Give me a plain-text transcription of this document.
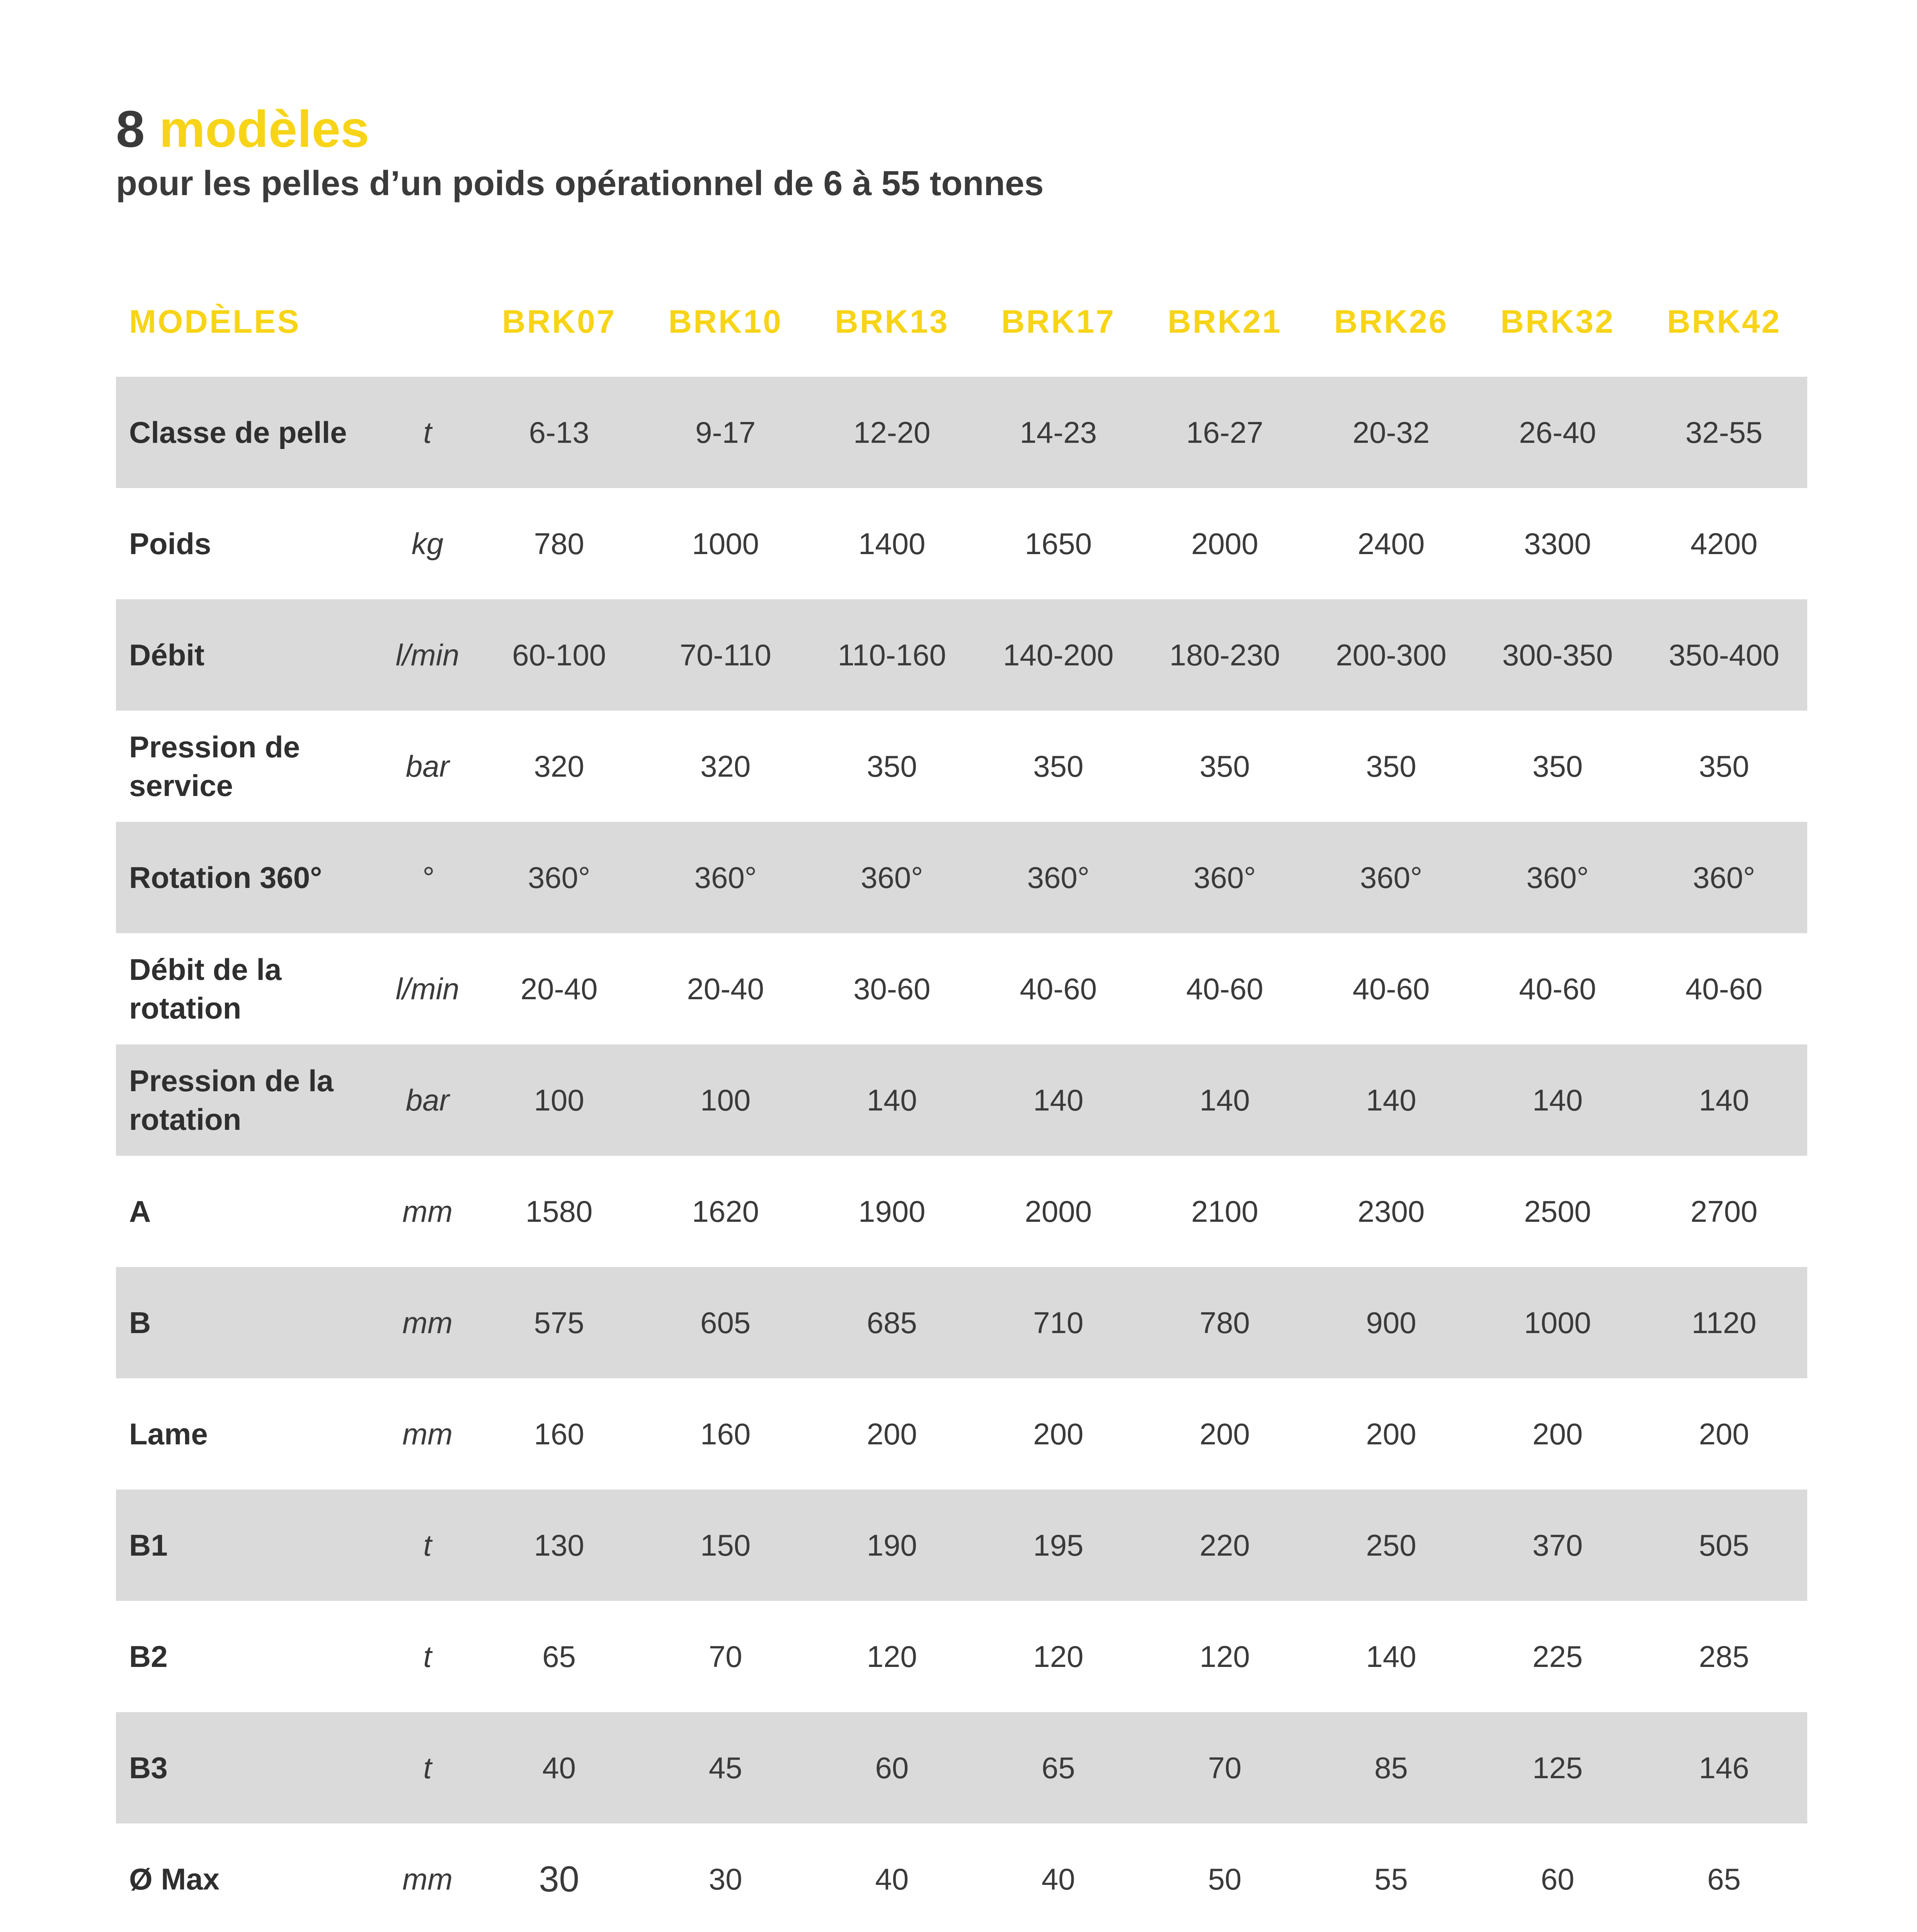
8 modèles

pour les pelles d’un poids opérationnel de 6 à 55 tonnes

MODÈLES		BRK07	BRK10	BRK13	BRK17	BRK21	BRK26	BRK32	BRK42
Classe de pelle	t	6-13	9-17	12-20	14-23	16-27	20-32	26-40	32-55
Poids	kg	780	1000	1400	1650	2000	2400	3300	4200
Débit	l/min	60-100	70-110	110-160	140-200	180-230	200-300	300-350	350-400
Pression de service	bar	320	320	350	350	350	350	350	350
Rotation 360°	°	360°	360°	360°	360°	360°	360°	360°	360°
Débit de la rotation	l/min	20-40	20-40	30-60	40-60	40-60	40-60	40-60	40-60
Pression de la rotation	bar	100	100	140	140	140	140	140	140
A	mm	1580	1620	1900	2000	2100	2300	2500	2700
B	mm	575	605	685	710	780	900	1000	1120
Lame	mm	160	160	200	200	200	200	200	200
B1	t	130	150	190	195	220	250	370	505
B2	t	65	70	120	120	120	140	225	285
B3	t	40	45	60	65	70	85	125	146
Ø Max	mm	30	30	40	40	50	55	60	65
